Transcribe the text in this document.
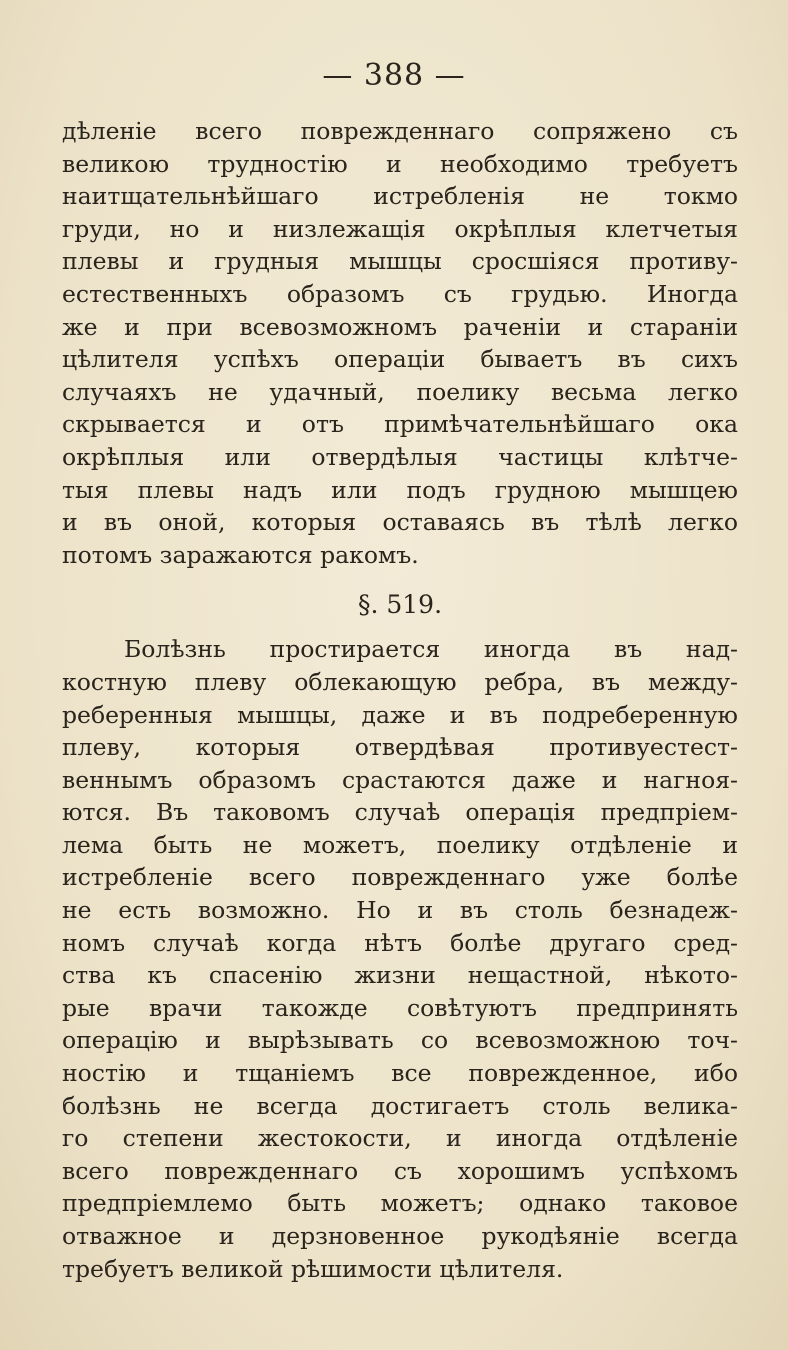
— 388 —
дѣленіе всего поврежденнаго сопряжено съ
великою трудностію и необходимо требуетъ
наитщательнѣйшаго истребленія не токмо
груди, но и низлежащія окрѣплыя клетчетыя
плевы и грудныя мышцы сросшіяся противу-
естественныхъ образомъ съ грудью. Иногда
же и при всевозможномъ раченіи и стараніи
цѣлителя успѣхъ операціи бываетъ въ сихъ
случаяхъ не удачный, поелику весьма легко
скрывается и отъ примѣчательнѣйшаго ока
окрѣплыя или отвердѣлыя частицы клѣтче-
тыя плевы надъ или подъ грудною мышцею
и въ оной, которыя оставаясь въ тѣлѣ легко
потомъ заражаются ракомъ.
§. 519.
Болѣзнь простирается иногда въ над-
костную плеву облекающую ребра, въ между-
реберенныя мышцы, даже и въ подреберенную
плеву, которыя отвердѣвая противуестест-
веннымъ образомъ срастаются даже и нагноя-
ются. Въ таковомъ случаѣ операція предпріем-
лема быть не можетъ, поелику отдѣленіе и
истребленіе всего поврежденнаго уже болѣе
не есть возможно. Но и въ столь безнадеж-
номъ случаѣ когда нѣтъ болѣе другаго сред-
ства къ спасенію жизни нещастной, нѣкото-
рые врачи такожде совѣтуютъ предпринять
операцію и вырѣзывать со всевозможною точ-
ностію и тщаніемъ все поврежденное, ибо
болѣзнь не всегда достигаетъ столь велика-
го степени жестокости, и иногда отдѣленіе
всего поврежденнаго съ хорошимъ успѣхомъ
предпріемлемо быть можетъ; однако таковое
отважное и дерзновенное рукодѣяніе всегда
требуетъ великой рѣшимости цѣлителя.
